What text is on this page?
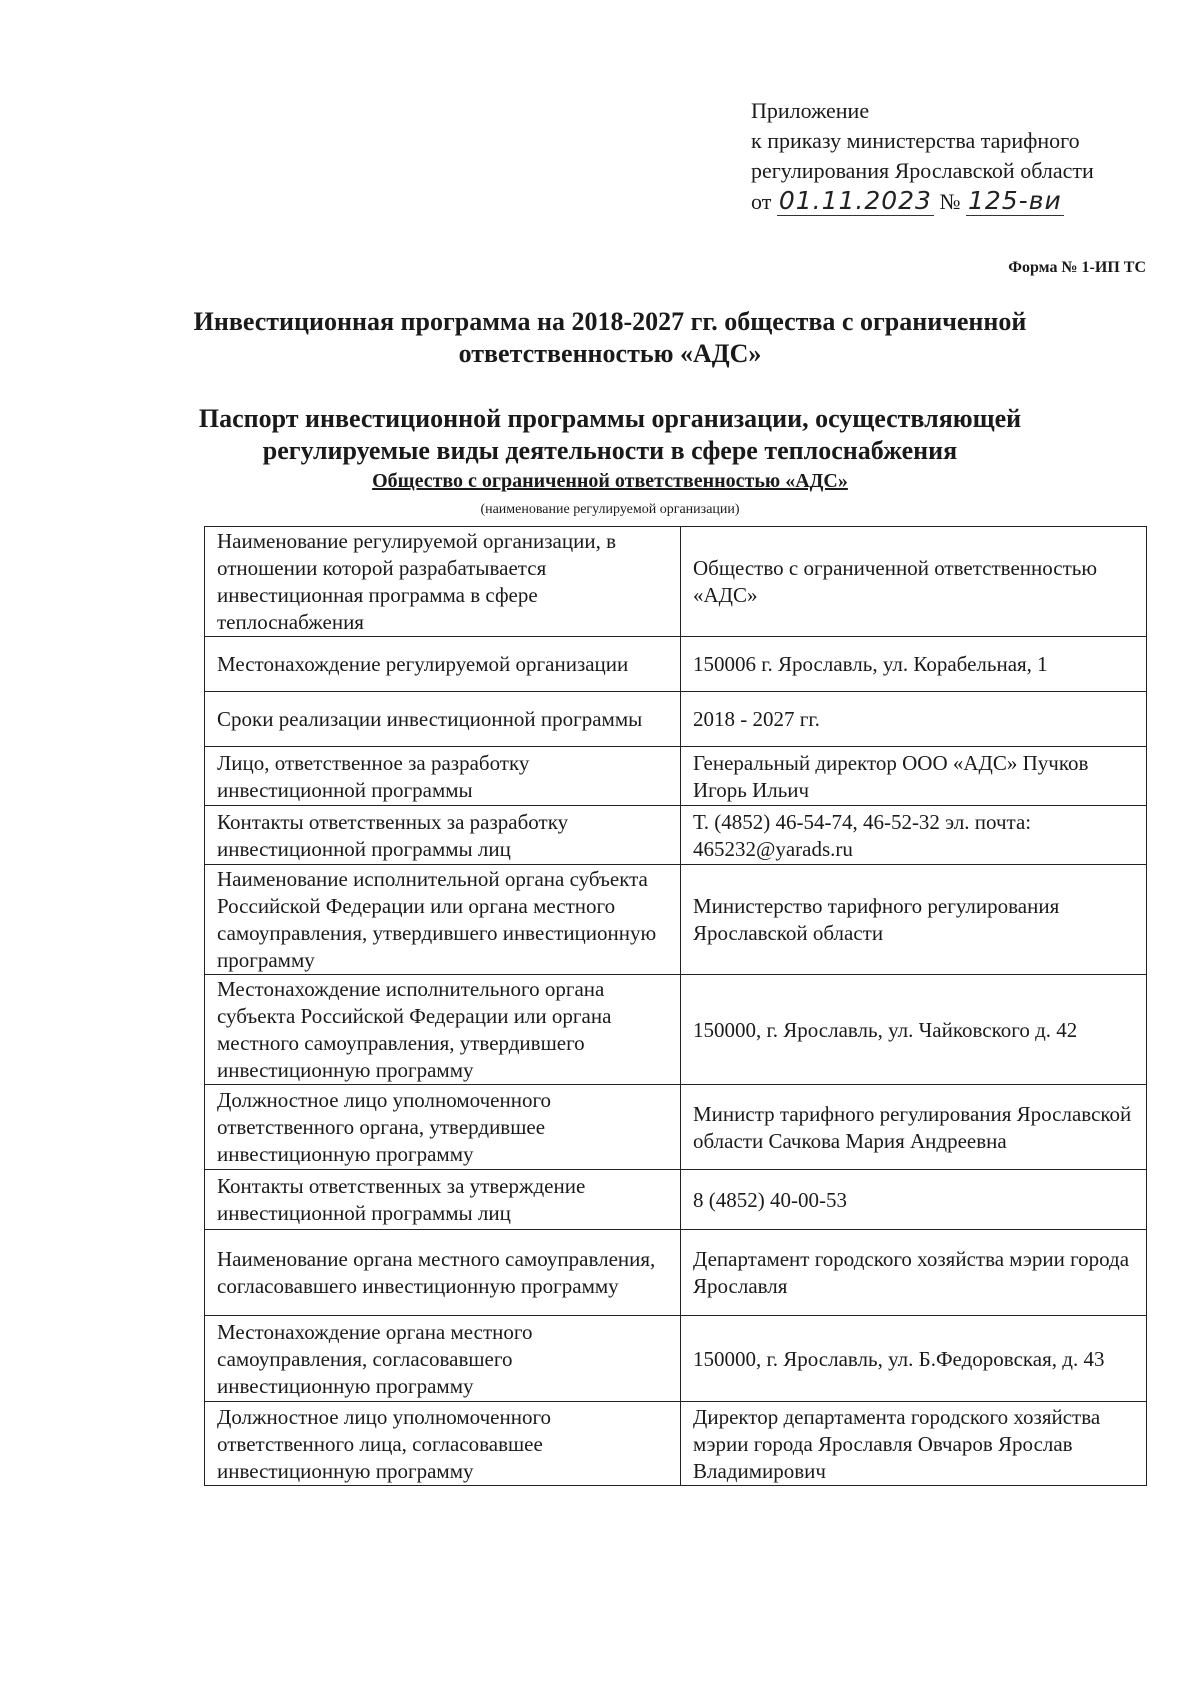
Приложение
к приказу министерства тарифного
регулирования Ярославской области
от 01.11.2023 № 125-ви
Форма № 1-ИП ТС
Инвестиционная программа на 2018-2027 гг. общества с ограниченной
ответственностью «АДС»
Паспорт инвестиционной программы организации, осуществляющей
регулируемые виды деятельности в сфере теплоснабжения
Общество с ограниченной ответственностью «АДС»
(наименование регулируемой организации)
Наименование регулируемой организации, в отношении которой разрабатывается инвестиционная программа в сфере теплоснабжения	Общество с ограниченной ответственностью «АДС»
Местонахождение регулируемой организации	150006 г. Ярославль, ул. Корабельная, 1
Сроки реализации инвестиционной программы	2018 - 2027 гг.
Лицо, ответственное за разработку инвестиционной программы	Генеральный директор ООО «АДС» Пучков Игорь Ильич
Контакты ответственных за разработку инвестиционной программы лиц	Т. (4852) 46-54-74, 46-52-32 эл. почта: 465232@yarads.ru
Наименование исполнительной органа субъекта Российской Федерации или органа местного самоуправления, утвердившего инвестиционную программу	Министерство тарифного регулирования Ярославской области
Местонахождение исполнительного органа субъекта Российской Федерации или органа местного самоуправления, утвердившего инвестиционную программу	150000, г. Ярославль, ул. Чайковского д. 42
Должностное лицо уполномоченного ответственного органа, утвердившее инвестиционную программу	Министр тарифного регулирования Ярославской области Сачкова Мария Андреевна
Контакты ответственных за утверждение инвестиционной программы лиц	8 (4852) 40-00-53
Наименование органа местного самоуправления, согласовавшего инвестиционную программу	Департамент городского хозяйства мэрии города Ярославля
Местонахождение органа местного самоуправления, согласовавшего инвестиционную программу	150000, г. Ярославль, ул. Б.Федоровская, д. 43
Должностное лицо уполномоченного ответственного лица, согласовавшее инвестиционную программу	Директор департамента городского хозяйства мэрии города Ярославля Овчаров Ярослав Владимирович
